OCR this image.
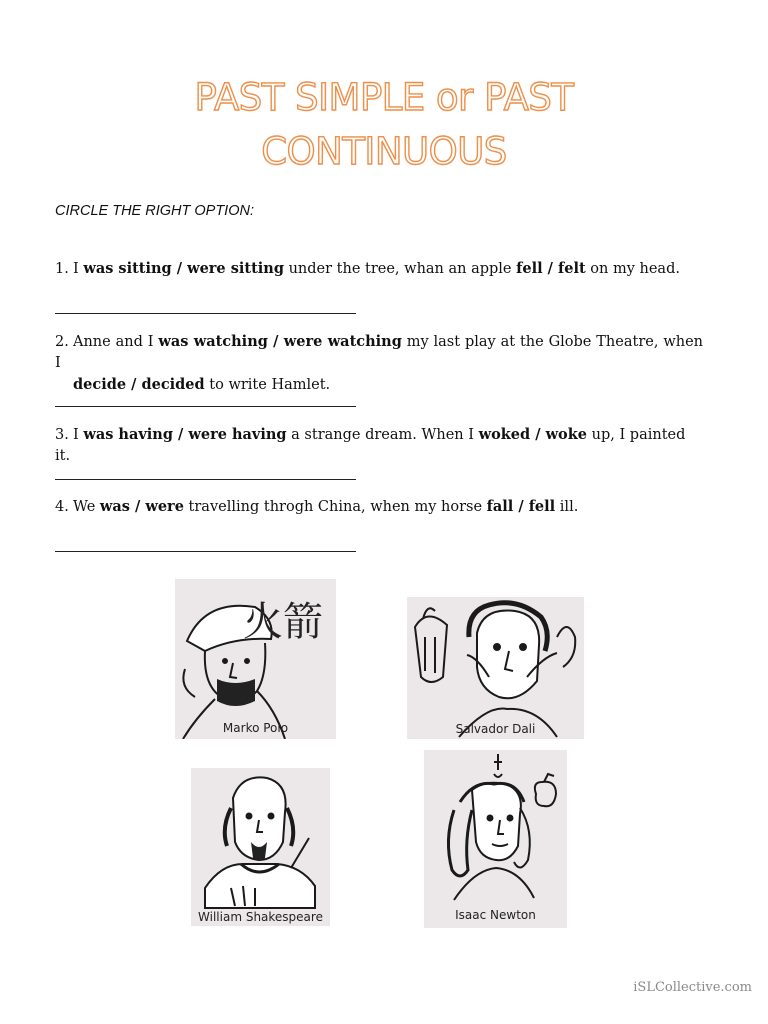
PAST SIMPLE or PAST
CONTINUOUS
CIRCLE THE RIGHT OPTION:
1. I was sitting / were sitting under the tree, whan an apple fell / felt on my head.
2. Anne and I was watching / were watching my last play at the Globe Theatre, when I
decide / decided to write Hamlet.
3. I was having / were having a strange dream. When I woked / woke up, I painted it.
4. We was / were travelling throgh China, when my horse fall / fell ill.
火箭
Marko Polo	Salvador Dali
William Shakespeare	Isaac Newton
iSLCollective.com
